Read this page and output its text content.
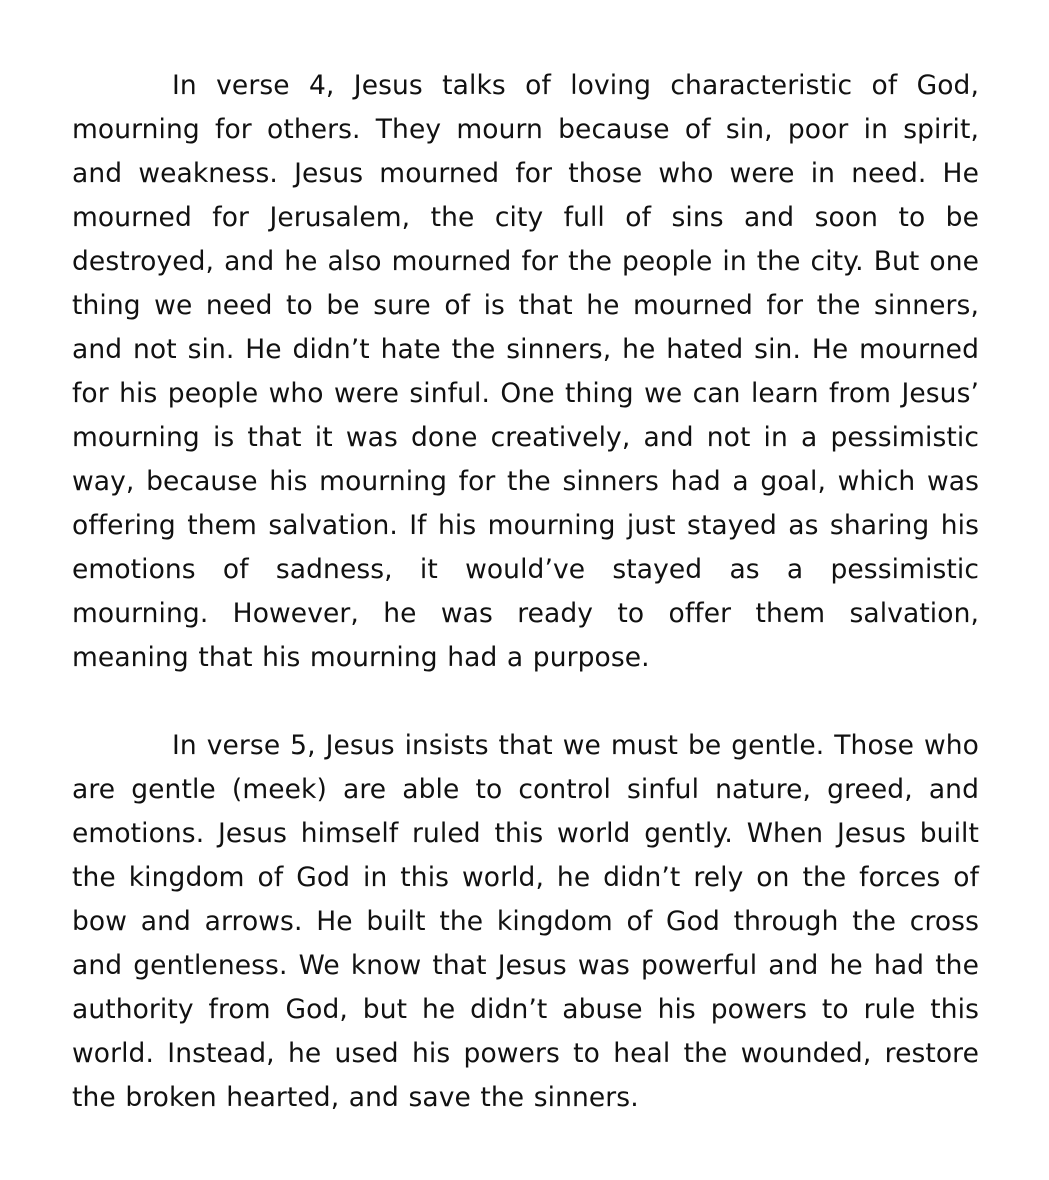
In verse 4, Jesus talks of loving characteristic of God, mourning for others. They mourn because of sin, poor in spirit, and weakness. Jesus mourned for those who were in need. He mourned for Jerusalem, the city full of sins and soon to be destroyed, and he also mourned for the people in the city. But one thing we need to be sure of is that he mourned for the sinners, and not sin. He didn’t hate the sinners, he hated sin. He mourned for his people who were sinful. One thing we can learn from Jesus’ mourning is that it was done creatively, and not in a pessimistic way, because his mourning for the sinners had a goal, which was offering them salvation. If his mourning just stayed as sharing his emotions of sadness, it would’ve stayed as a pessimistic mourning. However, he was ready to offer them salvation, meaning that his mourning had a purpose.

In verse 5, Jesus insists that we must be gentle. Those who are gentle (meek) are able to control sinful nature, greed, and emotions. Jesus himself ruled this world gently. When Jesus built the kingdom of God in this world, he didn’t rely on the forces of bow and arrows. He built the kingdom of God through the cross and gentleness. We know that Jesus was powerful and he had the authority from God, but he didn’t abuse his powers to rule this world. Instead, he used his powers to heal the wounded, restore the broken hearted, and save the sinners.
